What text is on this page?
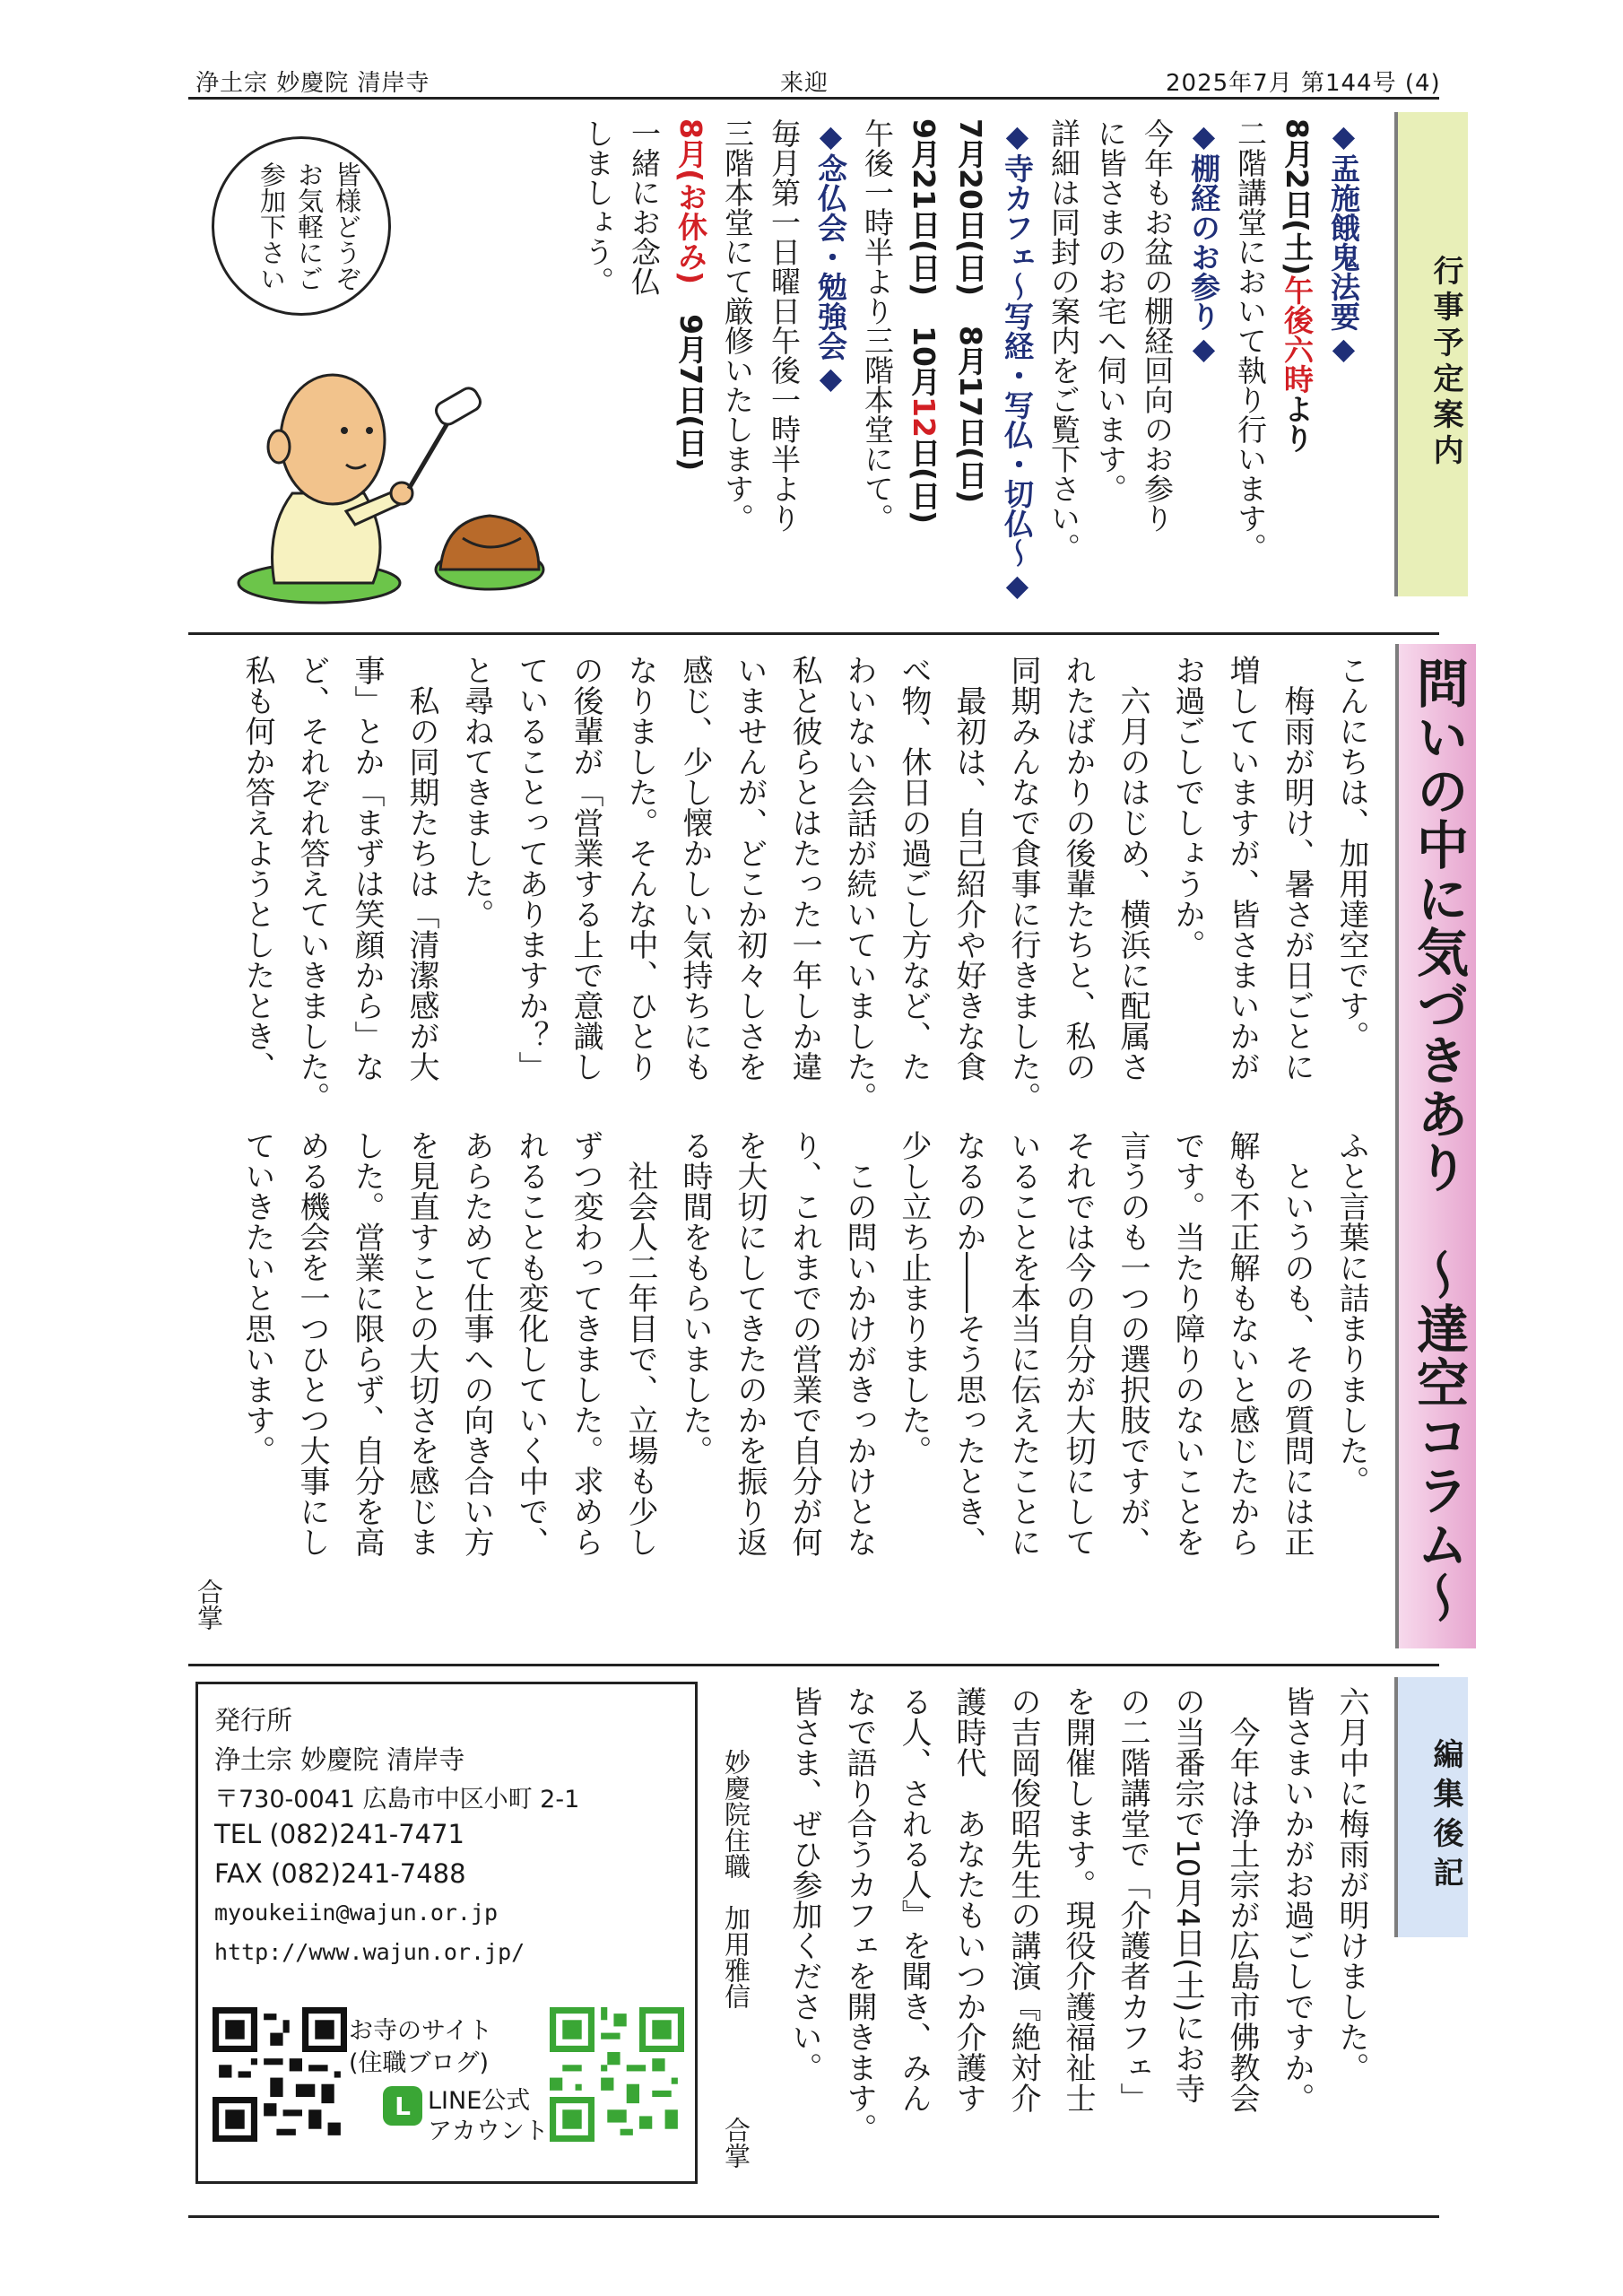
浄土宗 妙慶院 清岸寺	来迎	2025年7月 第144号 (4)
行事予定案内
◆盂施餓鬼法要◆
8月2日(土)午後六時より
二階講堂において執り行います。
◆棚経のお参り◆
今年もお盆の棚経回向のお参り
に皆さまのお宅へ伺います。
詳細は同封の案内をご覧下さい。
◆寺カフェ〜写経・写仏・切仏〜◆
7月20日(日)　8月17日(日)
9月21日(日)　10月12日(日)
午後一時半より三階本堂にて。
◆念仏会・勉強会◆
毎月第一日曜日午後一時半より
三階本堂にて厳修いたします。
8月(お休み)　9月7日(日)
一緒にお念仏
しましょう。
皆様どうぞ
お気軽にご
参加下さい
問いの中に気づきあり　〜達空コラム〜
こんにちは、加用達空です。
　梅雨が明け、暑さが日ごとに
増していますが、皆さまいかが
お過ごしでしょうか。
　六月のはじめ、横浜に配属さ
れたばかりの後輩たちと、私の
同期みんなで食事に行きました。
　最初は、自己紹介や好きな食
べ物、休日の過ごし方など、た
わいない会話が続いていました。
私と彼らとはたった一年しか違
いませんが、どこか初々しさを
感じ、少し懐かしい気持ちにも
なりました。そんな中、ひとり
の後輩が「営業する上で意識し
ていることってありますか？」
と尋ねてきました。
　私の同期たちは「清潔感が大
事」とか「まずは笑顔から」な
ど、それぞれ答えていきました。
私も何か答えようとしたとき、
ふと言葉に詰まりました。
　というのも、その質問には正
解も不正解もないと感じたから
です。当たり障りのないことを
言うのも一つの選択肢ですが、
それでは今の自分が大切にして
いることを本当に伝えたことに
なるのか――そう思ったとき、
少し立ち止まりました。
　この問いかけがきっかけとな
り、これまでの営業で自分が何
を大切にしてきたのかを振り返
る時間をもらいました。
　社会人二年目で、立場も少し
ずつ変わってきました。求めら
れることも変化していく中で、
あらためて仕事への向き合い方
を見直すことの大切さを感じま
した。営業に限らず、自分を高
める機会を一つひとつ大事にし
ていきたいと思います。
合掌
編集後記
六月中に梅雨が明けました。
皆さまいかがお過ごしですか。
　今年は浄土宗が広島市佛教会
の当番宗で10月4日(土)にお寺
の二階講堂で「介護者カフェ」
を開催します。現役介護福祉士
の吉岡俊昭先生の講演『絶対介
護時代　あなたもいつか介護す
る人、される人』を聞き、みん
なで語り合うカフェを開きます。
皆さま、ぜひ参加ください。
妙慶院住職　加用雅信
合掌
発行所
浄土宗 妙慶院 清岸寺
〒730-0041 広島市中区小町 2-1
TEL (082)241-7471
FAX (082)241-7488
myoukeiin@wajun.or.jp
http://www.wajun.or.jp/
お寺のサイト
(住職ブログ)
L LINE公式
アカウント
